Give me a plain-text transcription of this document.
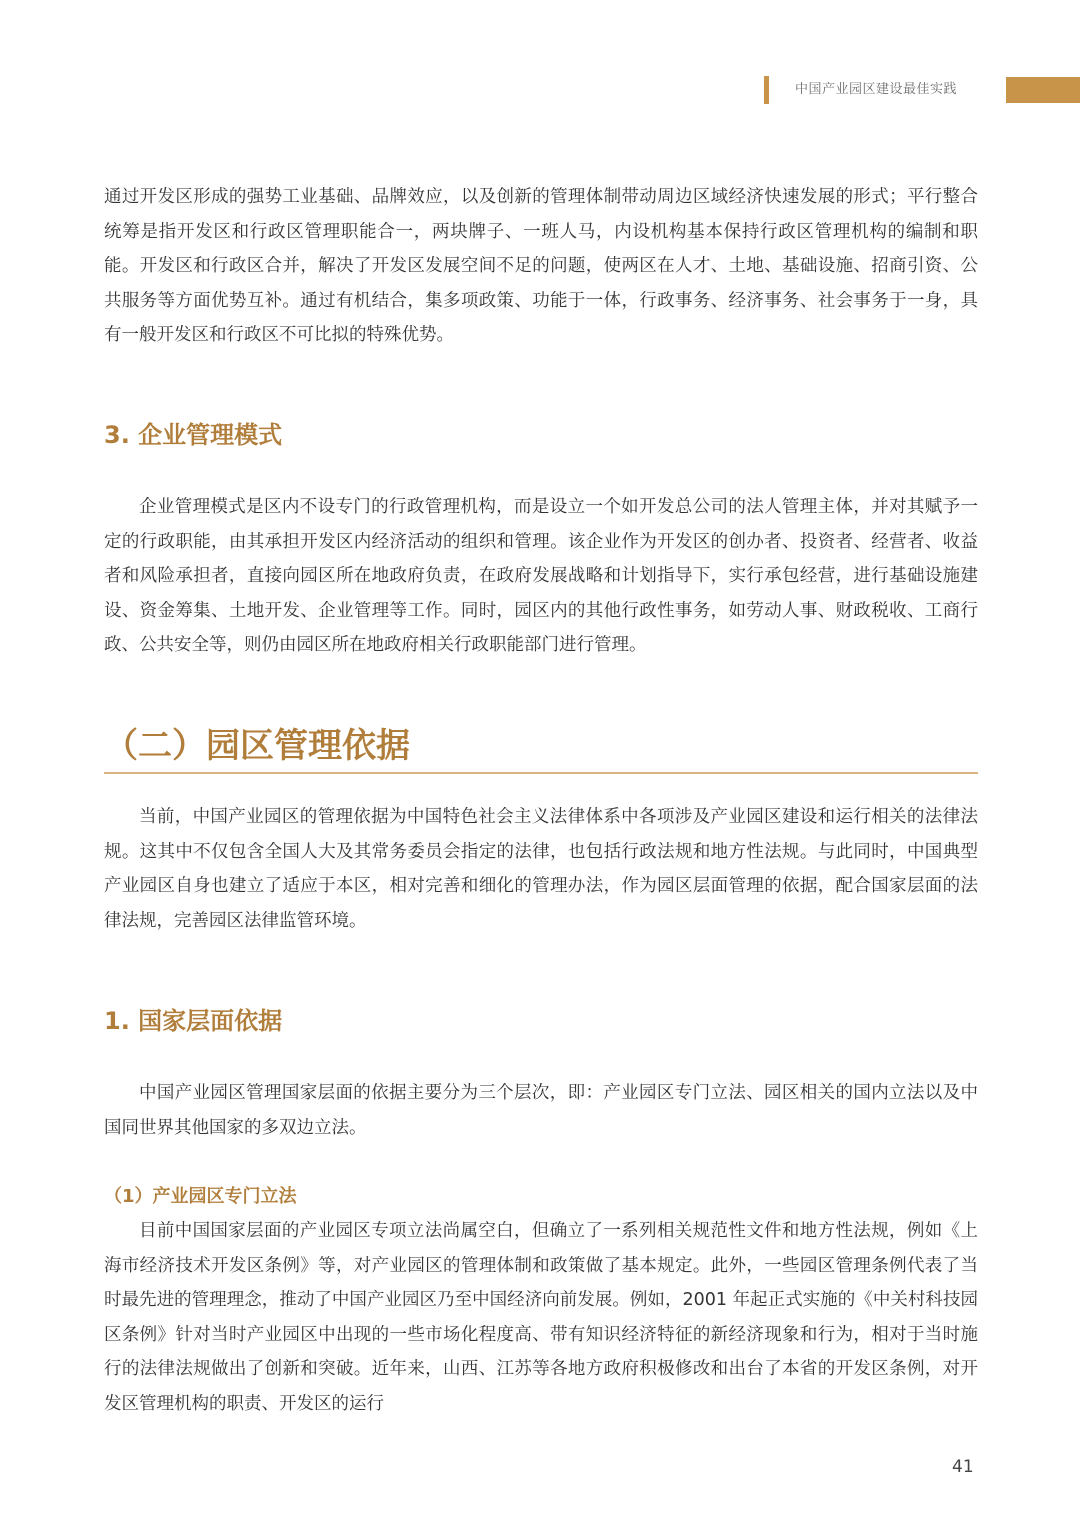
中国产业园区建设最佳实践

通过开发区形成的强势工业基础、品牌效应，以及创新的管理体制带动周边区域经济快速发展的形式；平行整合统筹是指开发区和行政区管理职能合一，两块牌子、一班人马，内设机构基本保持行政区管理机构的编制和职能。开发区和行政区合并，解决了开发区发展空间不足的问题，使两区在人才、土地、基础设施、招商引资、公共服务等方面优势互补。通过有机结合，集多项政策、功能于一体，行政事务、经济事务、社会事务于一身，具有一般开发区和行政区不可比拟的特殊优势。

3. 企业管理模式

企业管理模式是区内不设专门的行政管理机构，而是设立一个如开发总公司的法人管理主体，并对其赋予一定的行政职能，由其承担开发区内经济活动的组织和管理。该企业作为开发区的创办者、投资者、经营者、收益者和风险承担者，直接向园区所在地政府负责，在政府发展战略和计划指导下，实行承包经营，进行基础设施建设、资金筹集、土地开发、企业管理等工作。同时，园区内的其他行政性事务，如劳动人事、财政税收、工商行政、公共安全等，则仍由园区所在地政府相关行政职能部门进行管理。

（二）园区管理依据

当前，中国产业园区的管理依据为中国特色社会主义法律体系中各项涉及产业园区建设和运行相关的法律法规。这其中不仅包含全国人大及其常务委员会指定的法律，也包括行政法规和地方性法规。与此同时，中国典型产业园区自身也建立了适应于本区，相对完善和细化的管理办法，作为园区层面管理的依据，配合国家层面的法律法规，完善园区法律监管环境。

1. 国家层面依据

中国产业园区管理国家层面的依据主要分为三个层次，即：产业园区专门立法、园区相关的国内立法以及中国同世界其他国家的多双边立法。

（1）产业园区专门立法

目前中国国家层面的产业园区专项立法尚属空白，但确立了一系列相关规范性文件和地方性法规，例如《上海市经济技术开发区条例》等，对产业园区的管理体制和政策做了基本规定。此外，一些园区管理条例代表了当时最先进的管理理念，推动了中国产业园区乃至中国经济向前发展。例如，2001 年起正式实施的《中关村科技园区条例》针对当时产业园区中出现的一些市场化程度高、带有知识经济特征的新经济现象和行为，相对于当时施行的法律法规做出了创新和突破。近年来，山西、江苏等各地方政府积极修改和出台了本省的开发区条例，对开发区管理机构的职责、开发区的运行

41
